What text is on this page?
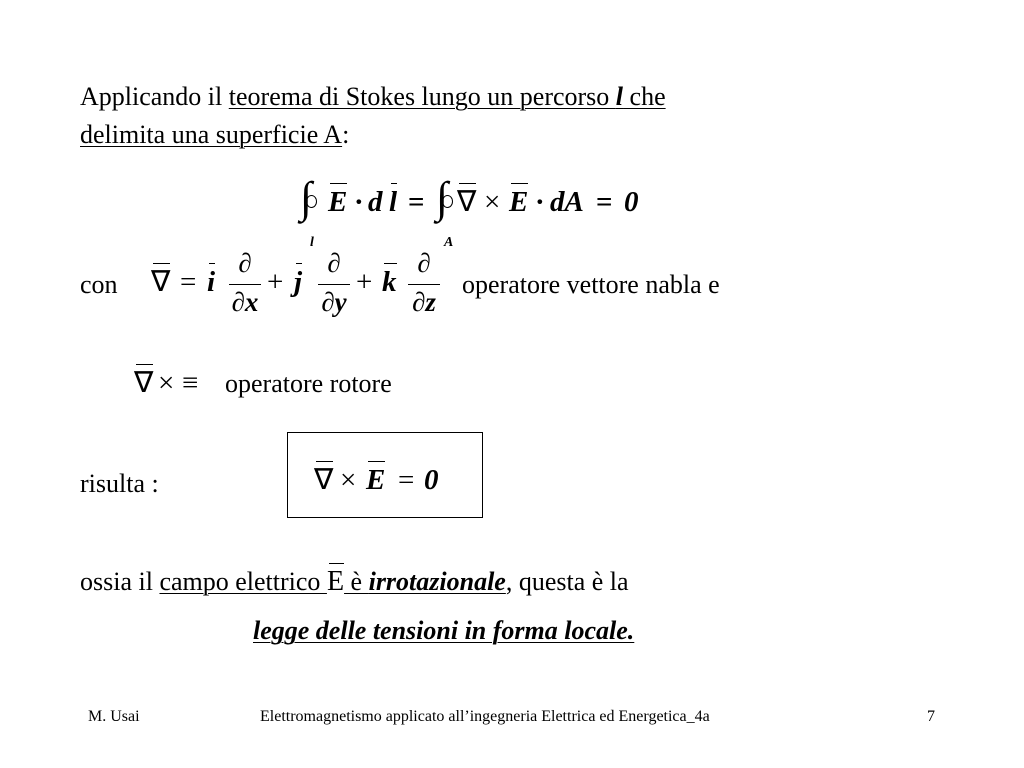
Applicando il teorema di Stokes lungo un percorso l che
delimita una superficie A:
∫
l
E · d l = ∫
A
∇ × E · dA = 0
con ∇ = i
∂
∂x
+ j
∂
∂y
+ k
∂
∂z
operatore vettore nabla e
∇ × ≡ operatore rotore
risulta :	∇ × E = 0
ossia il campo elettrico E è irrotazionale, questa è la
legge delle tensioni in forma locale.
M. Usai	Elettromagnetismo applicato all’ingegneria Elettrica ed Energetica_4a	7
